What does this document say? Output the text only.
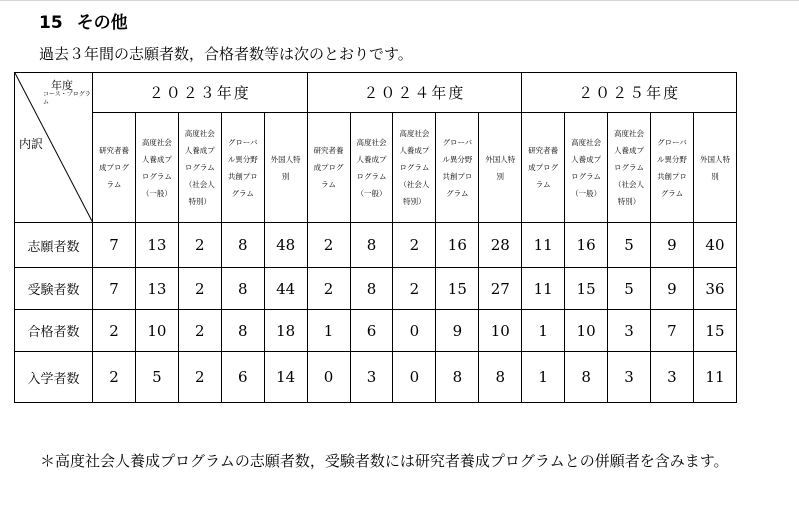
15 その他
過去３年間の志願者数，合格者数等は次のとおりです。
年度
コース・プログラム
内訳	２０２３年度					２０２４年度					２０２５年度				

	研究者養成プログラム	高度社会人養成プログラム（一般）	高度社会人養成プログラム（社会人特別）	グローバル異分野共創プログラム	外国人特　別	研究者養成プログラム	高度社会人養成プログラム（一般）	高度社会人養成プログラム（社会人特別）	グローバル異分野共創プログラム	外国人特　別	研究者養成プログラム	高度社会人養成プログラム（一般）	高度社会人養成プログラム（社会人特別）	グローバル異分野共創プログラム	外国人特　別

志願者数	7	13	2	8	48	2	8	2	16	28	11	16	5	9	40
受験者数	7	13	2	8	44	2	8	2	15	27	11	15	5	9	36
合格者数	2	10	2	8	18	1	6	0	9	10	1	10	3	7	15
入学者数	2	5	2	6	14	0	3	0	8	8	1	8	3	3	11
＊高度社会人養成プログラムの志願者数，受験者数には研究者養成プログラムとの併願者を含みます。
